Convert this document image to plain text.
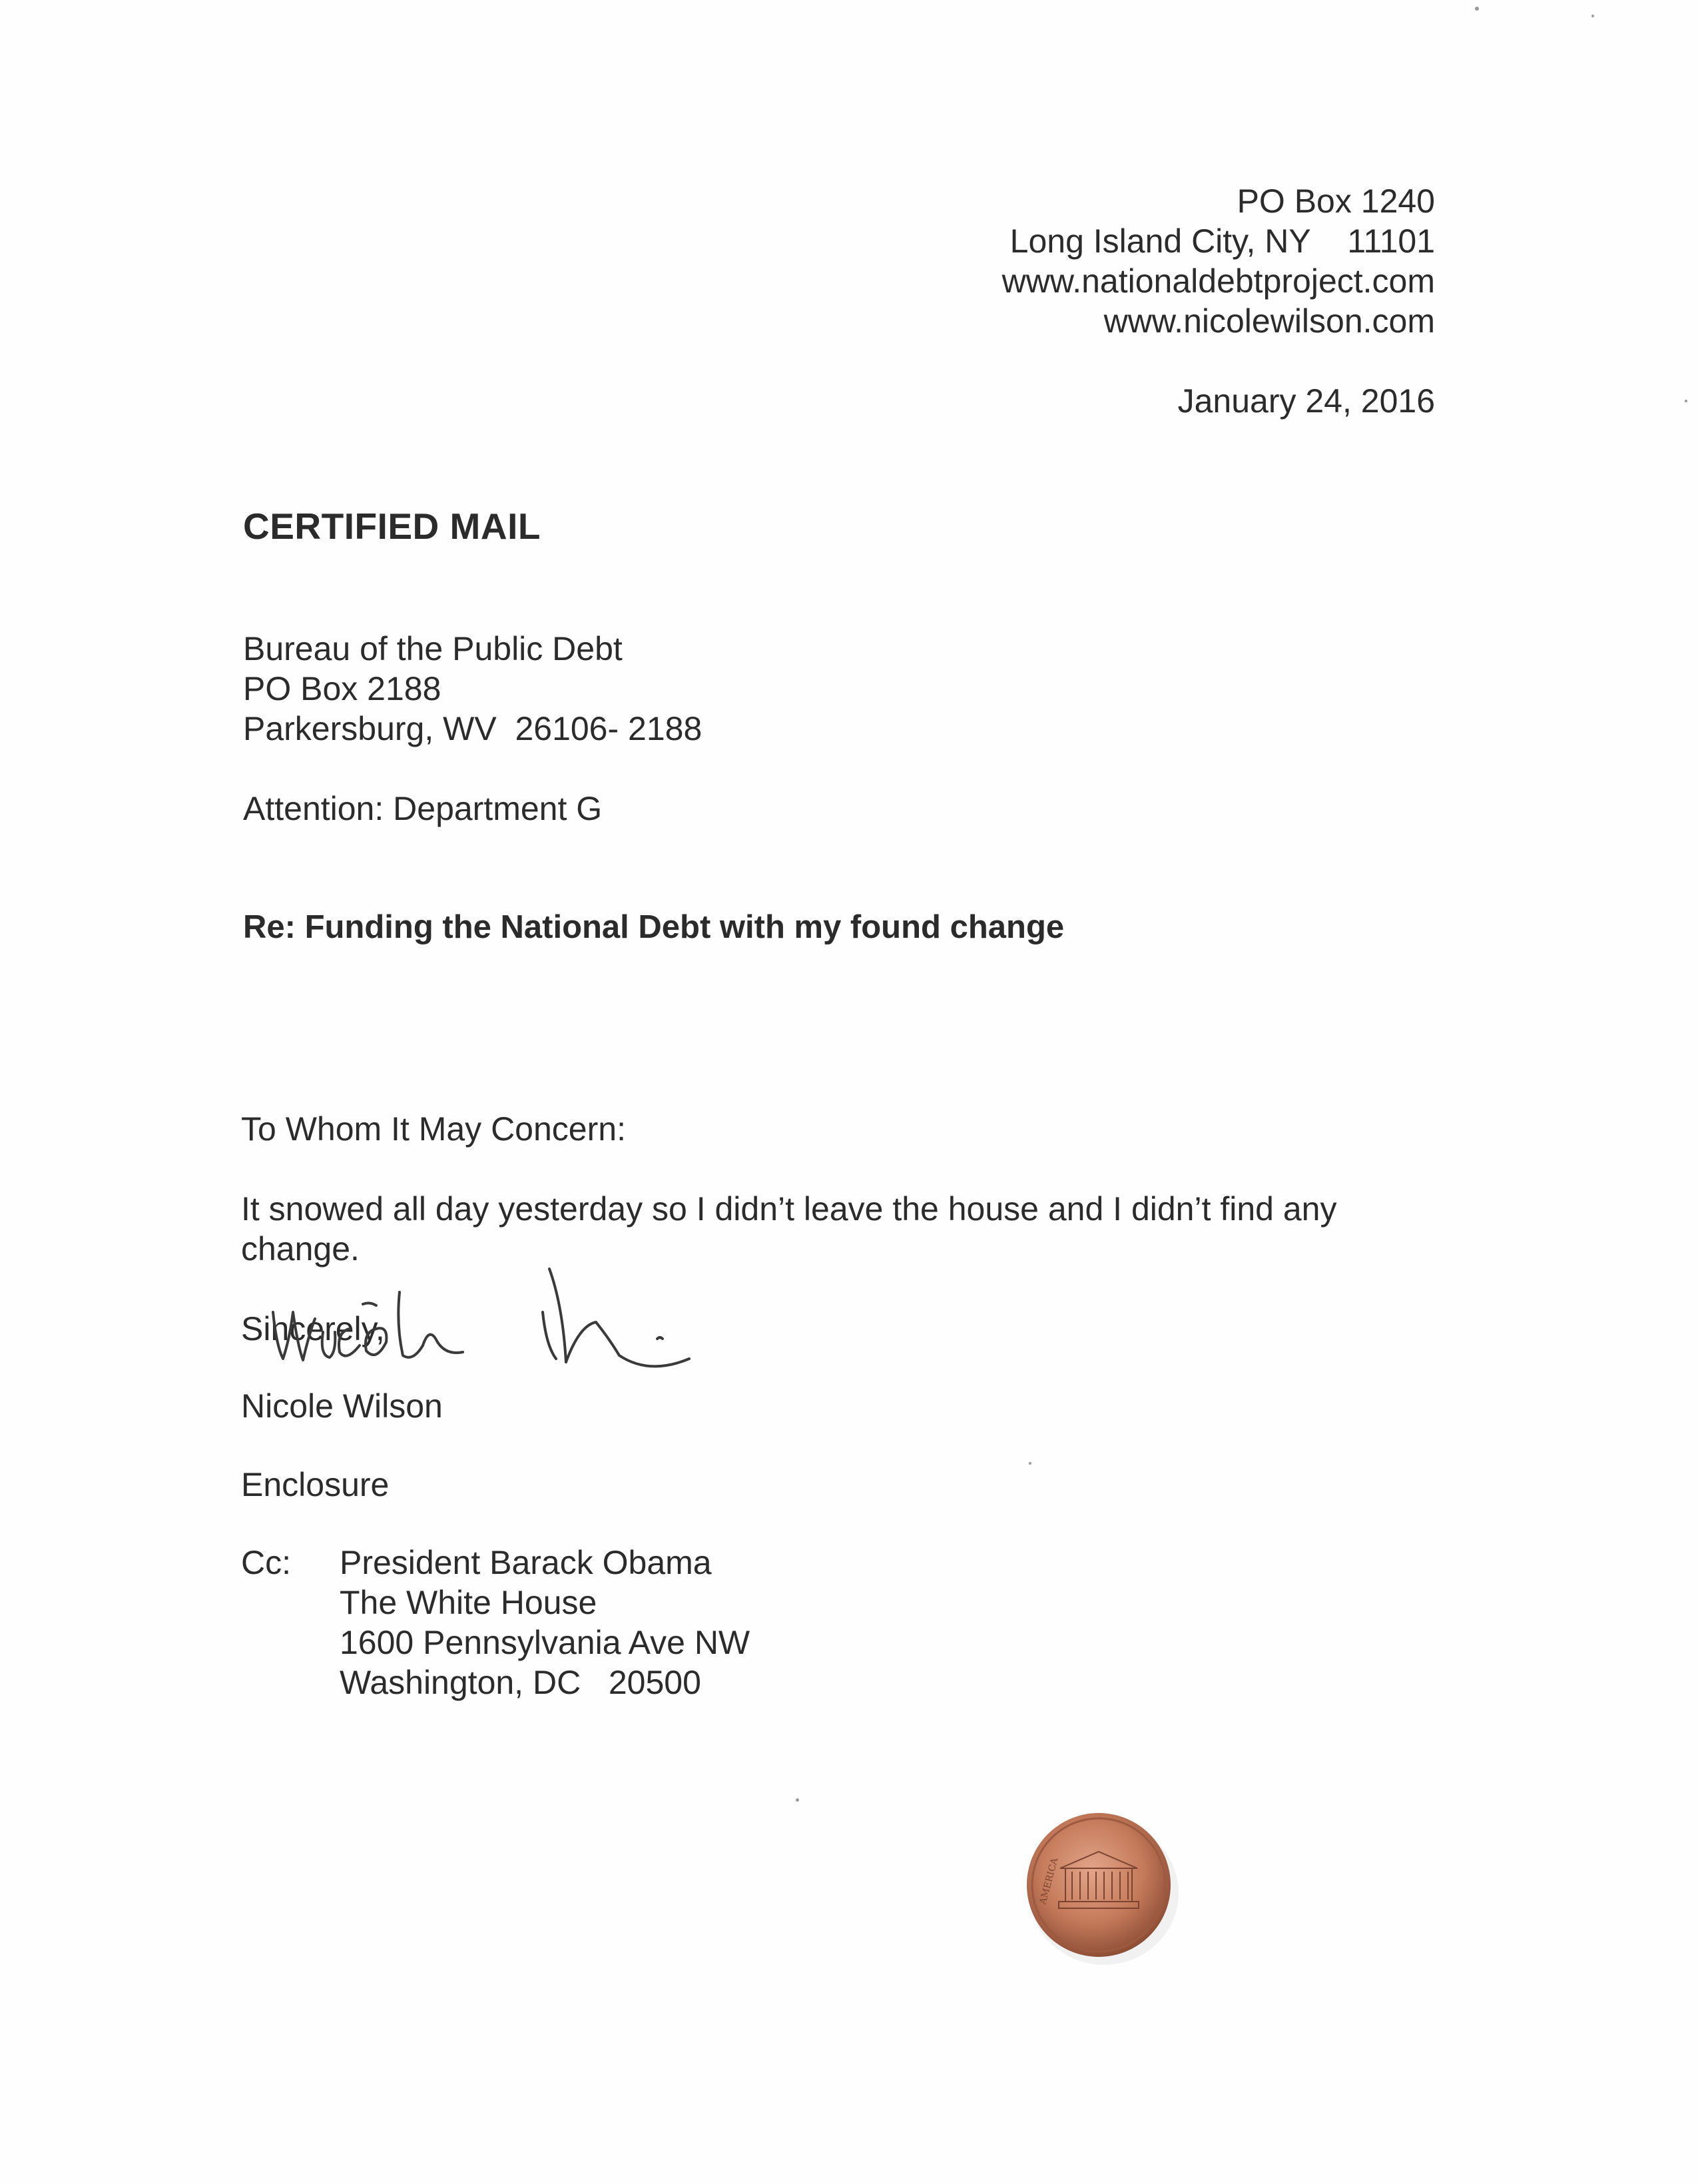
PO Box 1240
Long Island City, NY    11101
www.nationaldebtproject.com
www.nicolewilson.com
January 24, 2016
CERTIFIED MAIL
Bureau of the Public Debt
PO Box 2188
Parkersburg, WV  26106- 2188
Attention: Department G
Re: Funding the National Debt with my found change
To Whom It May Concern:
It snowed all day yesterday so I didn’t leave the house and I didn’t find any change.
Sincerely,
Nicole Wilson
Enclosure
Cc: President Barack Obama
The White House
1600 Pennsylvania Ave NW
Washington, DC   20500
AMERICA
